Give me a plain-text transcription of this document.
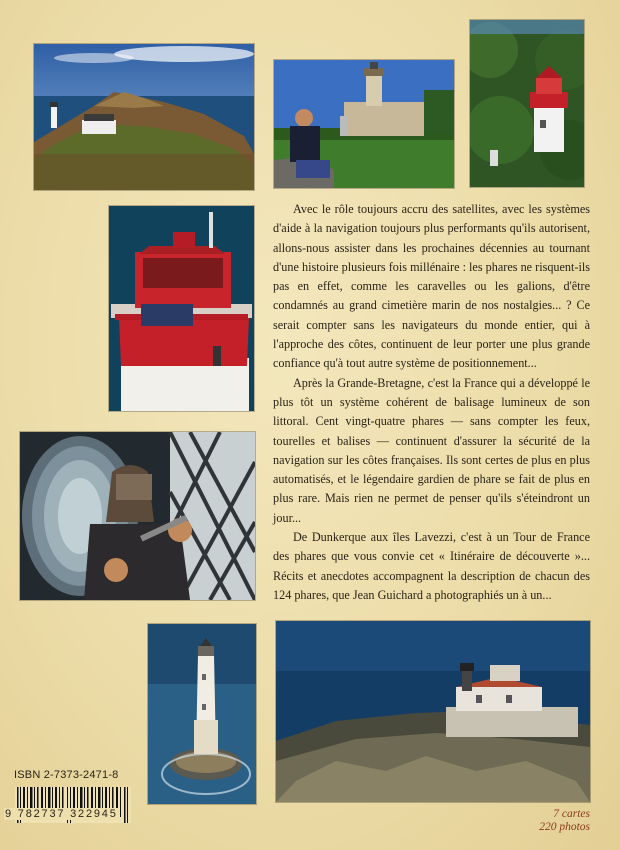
Avec le rôle toujours accru des satellites, avec les systèmes d'aide à la navigation toujours plus performants qu'ils autorisent, allons-nous assister dans les prochaines décennies au tournant d'une histoire plusieurs fois millénaire : les phares ne risquent-ils pas en effet, comme les caravelles ou les galions, d'être condamnés au grand cimetière marin de nos nostalgies... ? Ce serait compter sans les navigateurs du monde entier, qui à l'approche des côtes, continuent de leur porter une plus grande confiance qu'à tout autre système de positionnement...

Après la Grande-Bretagne, c'est la France qui a développé le plus tôt un système cohérent de balisage lumineux de son littoral. Cent vingt-quatre phares — sans compter les feux, tourelles et balises — continuent d'assurer la sécurité de la navigation sur les côtes françaises. Ils sont certes de plus en plus automatisés, et le légendaire gardien de phare se fait de plus en plus rare. Mais rien ne permet de penser qu'ils s'éteindront un jour...

De Dunkerque aux îles Lavezzi, c'est à un Tour de France des phares que vous convie cet « Itinéraire de découverte »... Récits et anecdotes accompagnent la description de chacun des 124 phares, que Jean Guichard a photographiés un à un...

ISBN 2-7373-2471-8
9 782737 322945	7 cartes
220 photos
